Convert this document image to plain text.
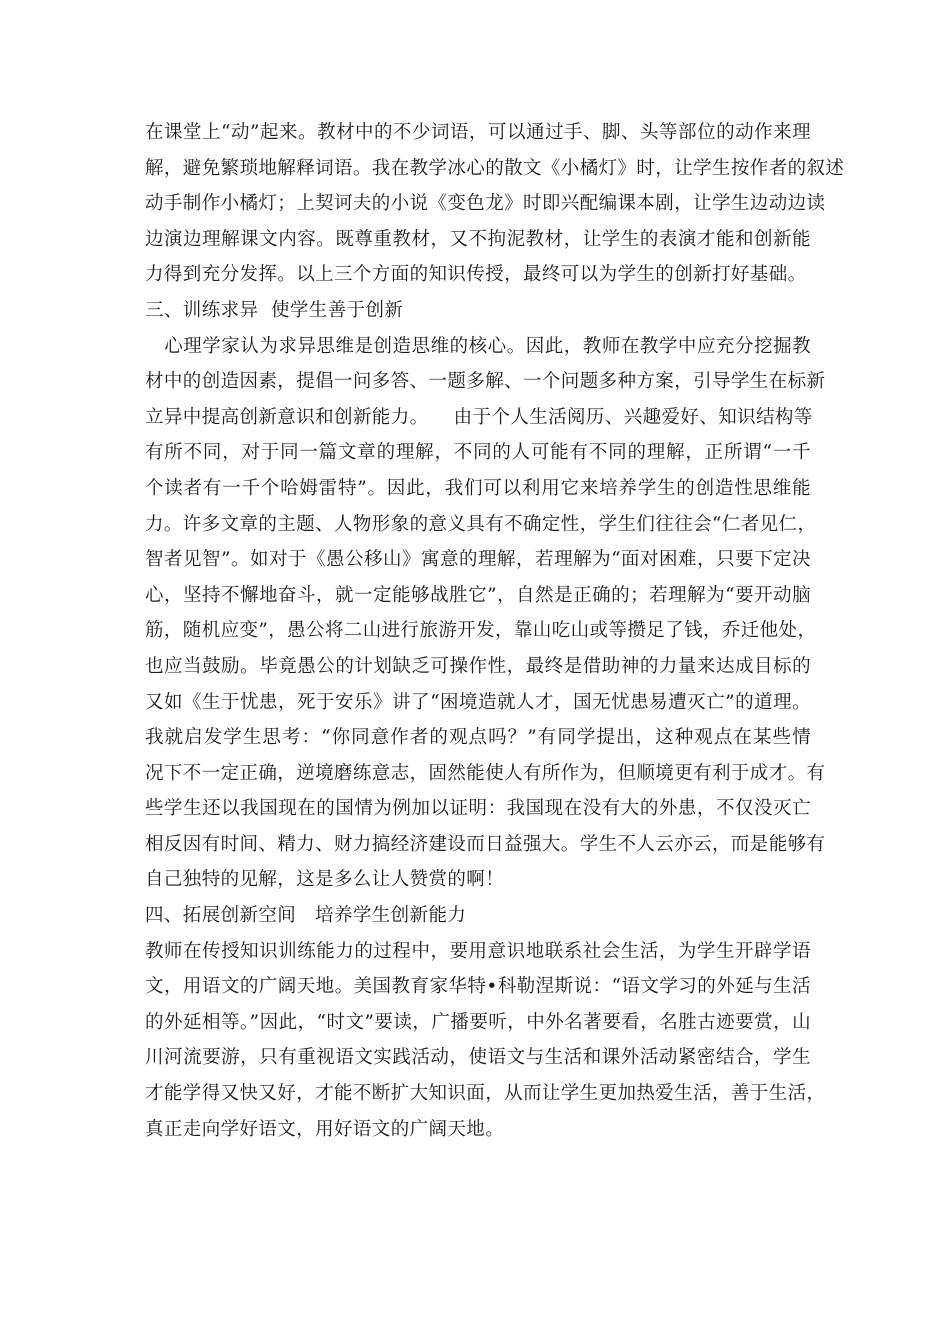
在课堂上“动”起来。教材中的不少词语，可以通过手、脚、头等部位的动作来理
解，避免繁琐地解释词语。我在教学冰心的散文《小橘灯》时，让学生按作者的叙述
动手制作小橘灯；上契诃夫的小说《变色龙》时即兴配编课本剧，让学生边动边读
边演边理解课文内容。既尊重教材，又不拘泥教材，让学生的表演才能和创新能
力得到充分发挥。以上三个方面的知识传授，最终可以为学生的创新打好基础。
三、训练求异  使学生善于创新
心理学家认为求异思维是创造思维的核心。因此，教师在教学中应充分挖掘教
材中的创造因素，提倡一问多答、一题多解、一个问题多种方案，引导学生在标新
立异中提高创新意识和创新能力。    由于个人生活阅历、兴趣爱好、知识结构等
有所不同，对于同一篇文章的理解，不同的人可能有不同的理解，正所谓“一千
个读者有一千个哈姆雷特”。因此，我们可以利用它来培养学生的创造性思维能
力。许多文章的主题、人物形象的意义具有不确定性，学生们往往会“仁者见仁，
智者见智”。如对于《愚公移山》寓意的理解，若理解为“面对困难，只要下定决
心，坚持不懈地奋斗，就一定能够战胜它”，自然是正确的；若理解为“要开动脑
筋，随机应变”，愚公将二山进行旅游开发，靠山吃山或等攒足了钱，乔迁他处，
也应当鼓励。毕竟愚公的计划缺乏可操作性，最终是借助神的力量来达成目标的
又如《生于忧患，死于安乐》讲了“困境造就人才，国无忧患易遭灭亡”的道理。
我就启发学生思考：“你同意作者的观点吗？”有同学提出，这种观点在某些情
况下不一定正确，逆境磨练意志，固然能使人有所作为，但顺境更有利于成才。有
些学生还以我国现在的国情为例加以证明：我国现在没有大的外患，不仅没灭亡
相反因有时间、精力、财力搞经济建设而日益强大。学生不人云亦云，而是能够有
自己独特的见解，这是多么让人赞赏的啊！
四、拓展创新空间   培养学生创新能力
教师在传授知识训练能力的过程中，要用意识地联系社会生活，为学生开辟学语
文，用语文的广阔天地。美国教育家华特•科勒涅斯说：“语文学习的外延与生活
的外延相等。”因此，“时文”要读，广播要听，中外名著要看，名胜古迹要赏，山
川河流要游，只有重视语文实践活动，使语文与生活和课外活动紧密结合，学生
才能学得又快又好，才能不断扩大知识面，从而让学生更加热爱生活，善于生活，
真正走向学好语文，用好语文的广阔天地。
